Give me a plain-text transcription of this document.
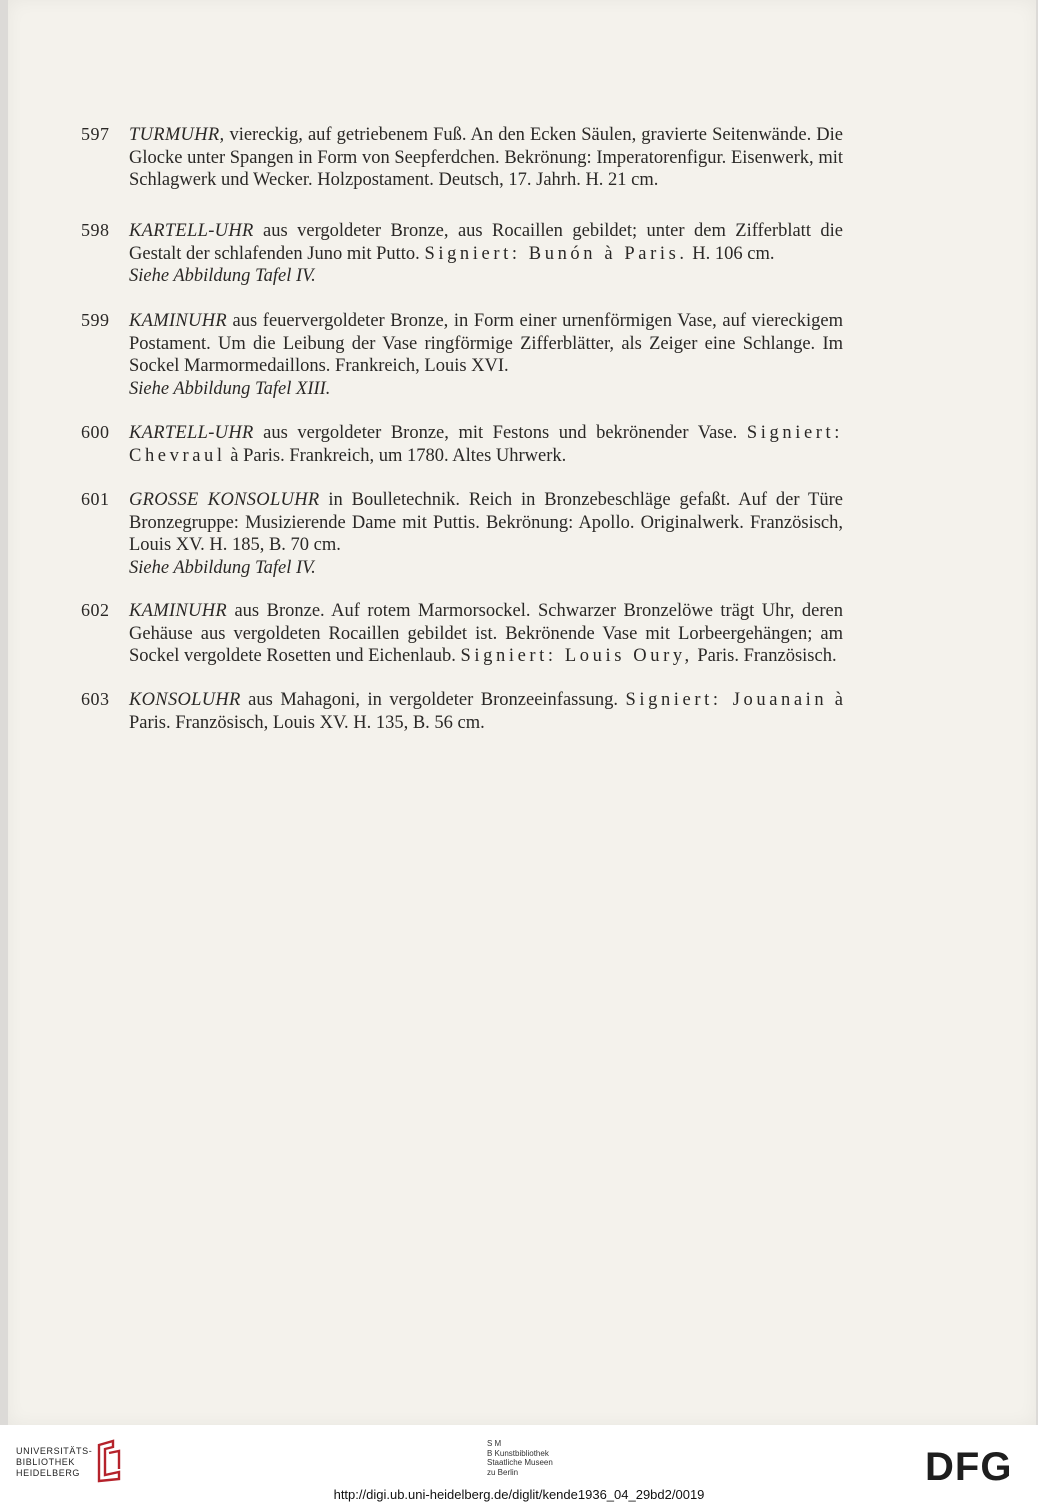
597 TURMUHR, viereckig, auf getriebenem Fuß. An den Ecken Säulen, gravierte Seitenwände. Die Glocke unter Spangen in Form von Seepferdchen. Bekrönung: Imperatorenfigur. Eisenwerk, mit Schlagwerk und Wecker. Holzpostament. Deutsch, 17. Jahrh. H. 21 cm.

598 KARTELL-UHR aus vergoldeter Bronze, aus Rocaillen gebildet; unter dem Zifferblatt die Gestalt der schlafenden Juno mit Putto. Signiert: Bunón à Paris. H. 106 cm.

Siehe Abbildung Tafel IV.
599 KAMINUHR aus feuervergoldeter Bronze, in Form einer urnenförmigen Vase, auf viereckigem Postament. Um die Leibung der Vase ringförmige Zifferblätter, als Zeiger eine Schlange. Im Sockel Marmormedaillons. Frankreich, Louis XVI.

Siehe Abbildung Tafel XIII.
600 KARTELL-UHR aus vergoldeter Bronze, mit Festons und bekrönender Vase. Signiert: Chevraul à Paris. Frankreich, um 1780. Altes Uhrwerk.

601 GROSSE KONSOLUHR in Boulletechnik. Reich in Bronzebeschläge gefaßt. Auf der Türe Bronzegruppe: Musizierende Dame mit Puttis. Bekrönung: Apollo. Originalwerk. Französisch, Louis XV. H. 185, B. 70 cm.

Siehe Abbildung Tafel IV.
602 KAMINUHR aus Bronze. Auf rotem Marmorsockel. Schwarzer Bronzelöwe trägt Uhr, deren Gehäuse aus vergoldeten Rocaillen gebildet ist. Bekrönende Vase mit Lorbeergehängen; am Sockel vergoldete Rosetten und Eichenlaub. Signiert: Louis Oury, Paris. Französisch.

603 KONSOLUHR aus Mahagoni, in vergoldeter Bronzeeinfassung. Signiert: Jouanain à Paris. Französisch, Louis XV. H. 135, B. 56 cm.

UNIVERSITÄTS-
BIBLIOTHEK
HEIDELBERG
S M
B Kunstbibliothek
Staatliche Museen
zu Berlin	DFG
http://digi.ub.uni-heidelberg.de/diglit/kende1936_04_29bd2/0019
